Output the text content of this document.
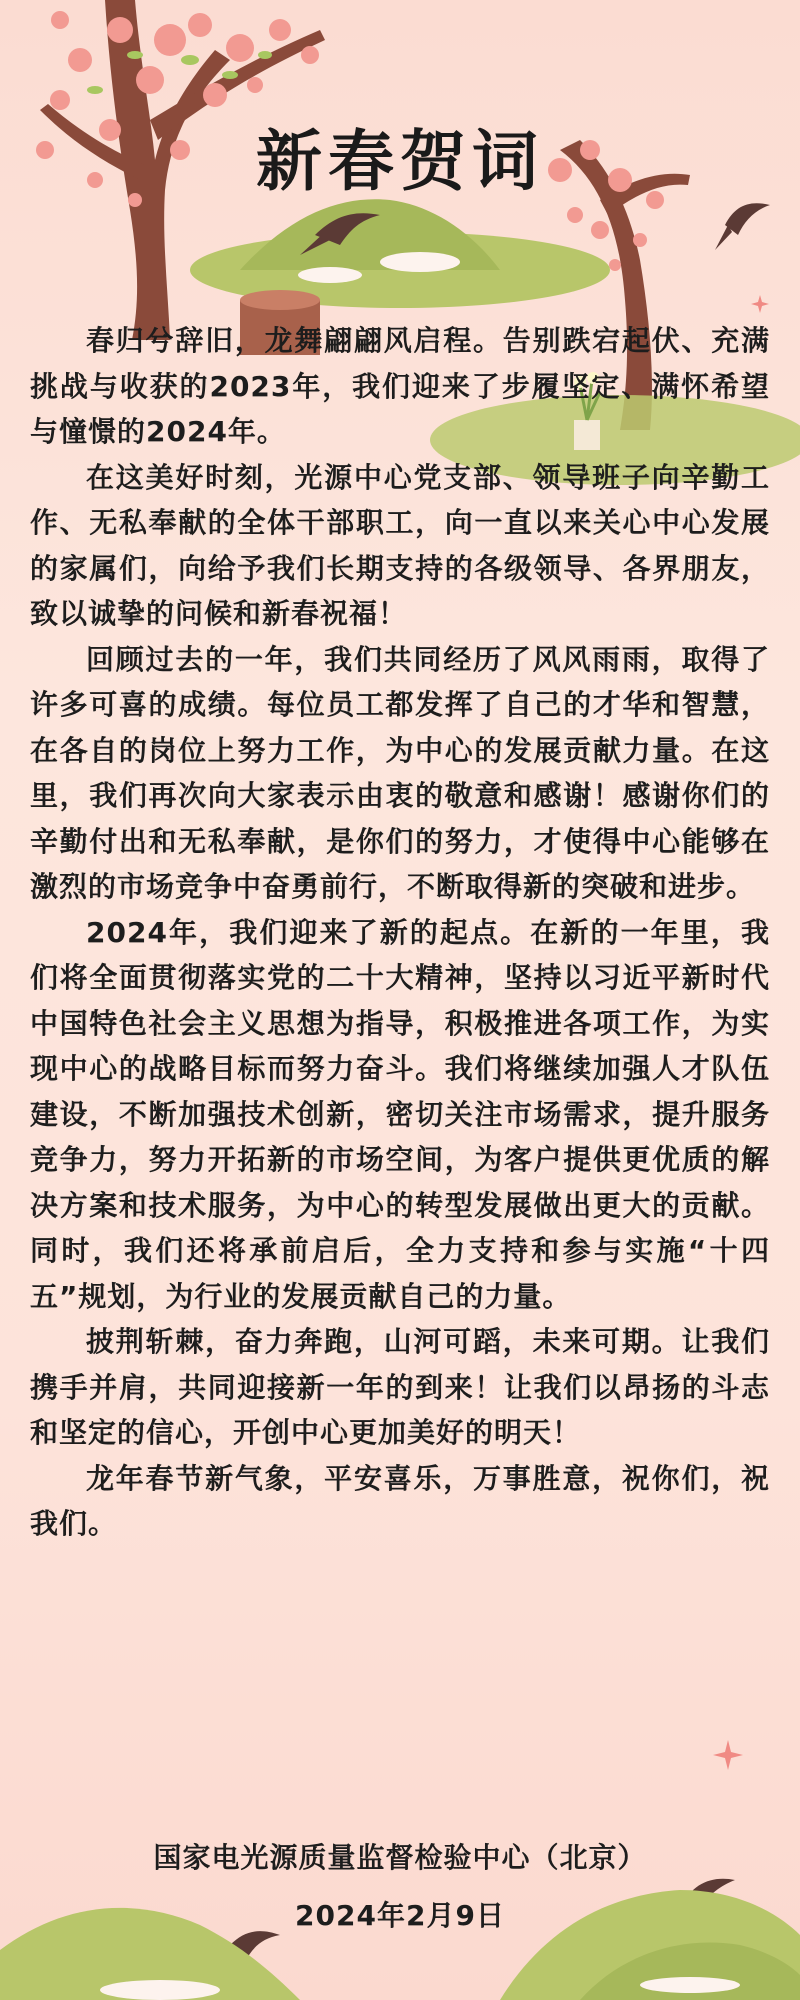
新春贺词

春归兮辞旧，龙舞翩翩风启程。告别跌宕起伏、充满挑战与收获的2023年，我们迎来了步履坚定、满怀希望与憧憬的2024年。

在这美好时刻，光源中心党支部、领导班子向辛勤工作、无私奉献的全体干部职工，向一直以来关心中心发展的家属们，向给予我们长期支持的各级领导、各界朋友，致以诚挚的问候和新春祝福！

回顾过去的一年，我们共同经历了风风雨雨，取得了许多可喜的成绩。每位员工都发挥了自己的才华和智慧，在各自的岗位上努力工作，为中心的发展贡献力量。在这里，我们再次向大家表示由衷的敬意和感谢！感谢你们的辛勤付出和无私奉献，是你们的努力，才使得中心能够在激烈的市场竞争中奋勇前行，不断取得新的突破和进步。

2024年，我们迎来了新的起点。在新的一年里，我们将全面贯彻落实党的二十大精神，坚持以习近平新时代中国特色社会主义思想为指导，积极推进各项工作，为实现中心的战略目标而努力奋斗。我们将继续加强人才队伍建设，不断加强技术创新，密切关注市场需求，提升服务竞争力，努力开拓新的市场空间，为客户提供更优质的解决方案和技术服务，为中心的转型发展做出更大的贡献。同时，我们还将承前启后，全力支持和参与实施“十四五”规划，为行业的发展贡献自己的力量。

披荆斩棘，奋力奔跑，山河可蹈，未来可期。让我们携手并肩，共同迎接新一年的到来！让我们以昂扬的斗志和坚定的信心，开创中心更加美好的明天！

龙年春节新气象，平安喜乐，万事胜意，祝你们，祝我们。

国家电光源质量监督检验中心（北京）

2024年2月9日
